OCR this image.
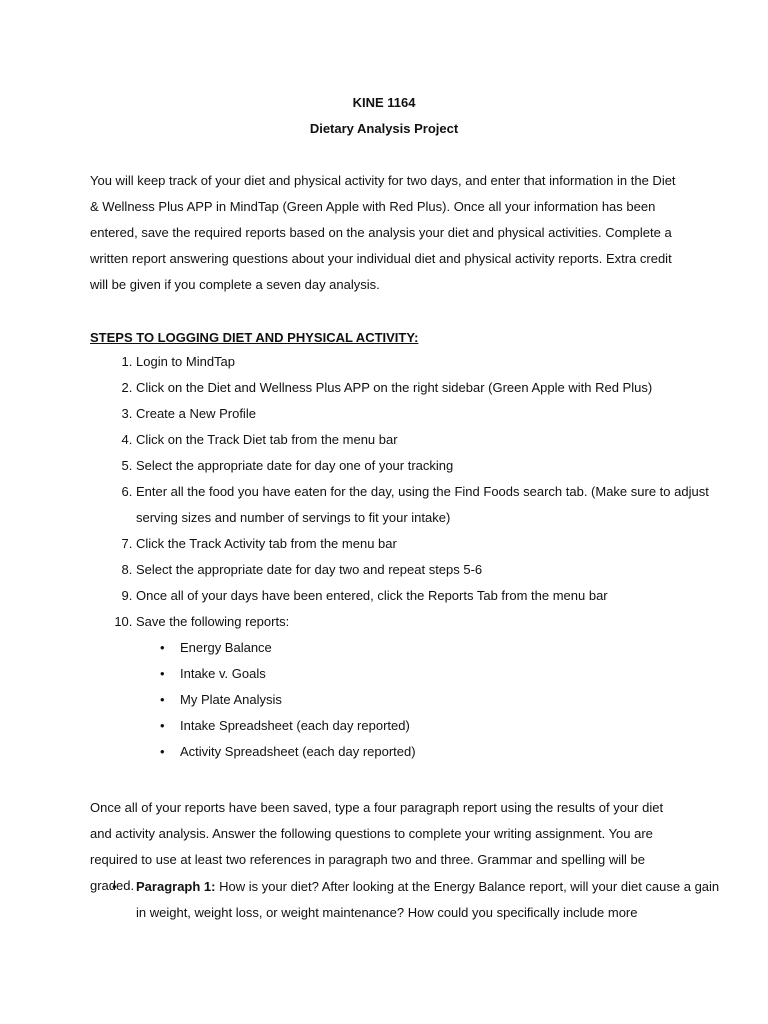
KINE 1164
Dietary Analysis Project

You will keep track of your diet and physical activity for two days, and enter that information in the Diet & Wellness Plus APP in MindTap (Green Apple with Red Plus). Once all your information has been entered, save the required reports based on the analysis your diet and physical activities. Complete a written report answering questions about your individual diet and physical activity reports. Extra credit will be given if you complete a seven day analysis.

STEPS TO LOGGING DIET AND PHYSICAL ACTIVITY:
1. Login to MindTap
2. Click on the Diet and Wellness Plus APP on the right sidebar (Green Apple with Red Plus)
3. Create a New Profile
4. Click on the Track Diet tab from the menu bar
5. Select the appropriate date for day one of your tracking
6. Enter all the food you have eaten for the day, using the Find Foods search tab. (Make sure to adjust serving sizes and number of servings to fit your intake)
7. Click the Track Activity tab from the menu bar
8. Select the appropriate date for day two and repeat steps 5-6
9. Once all of your days have been entered, click the Reports Tab from the menu bar
10. Save the following reports:
• Energy Balance
• Intake v. Goals
• My Plate Analysis
• Intake Spreadsheet (each day reported)
• Activity Spreadsheet (each day reported)

Once all of your reports have been saved, type a four paragraph report using the results of your diet and activity analysis. Answer the following questions to complete your writing assignment. You are required to use at least two references in paragraph two and three. Grammar and spelling will be graded.

• Paragraph 1: How is your diet? After looking at the Energy Balance report, will your diet cause a gain in weight, weight loss, or weight maintenance? How could you specifically include more
